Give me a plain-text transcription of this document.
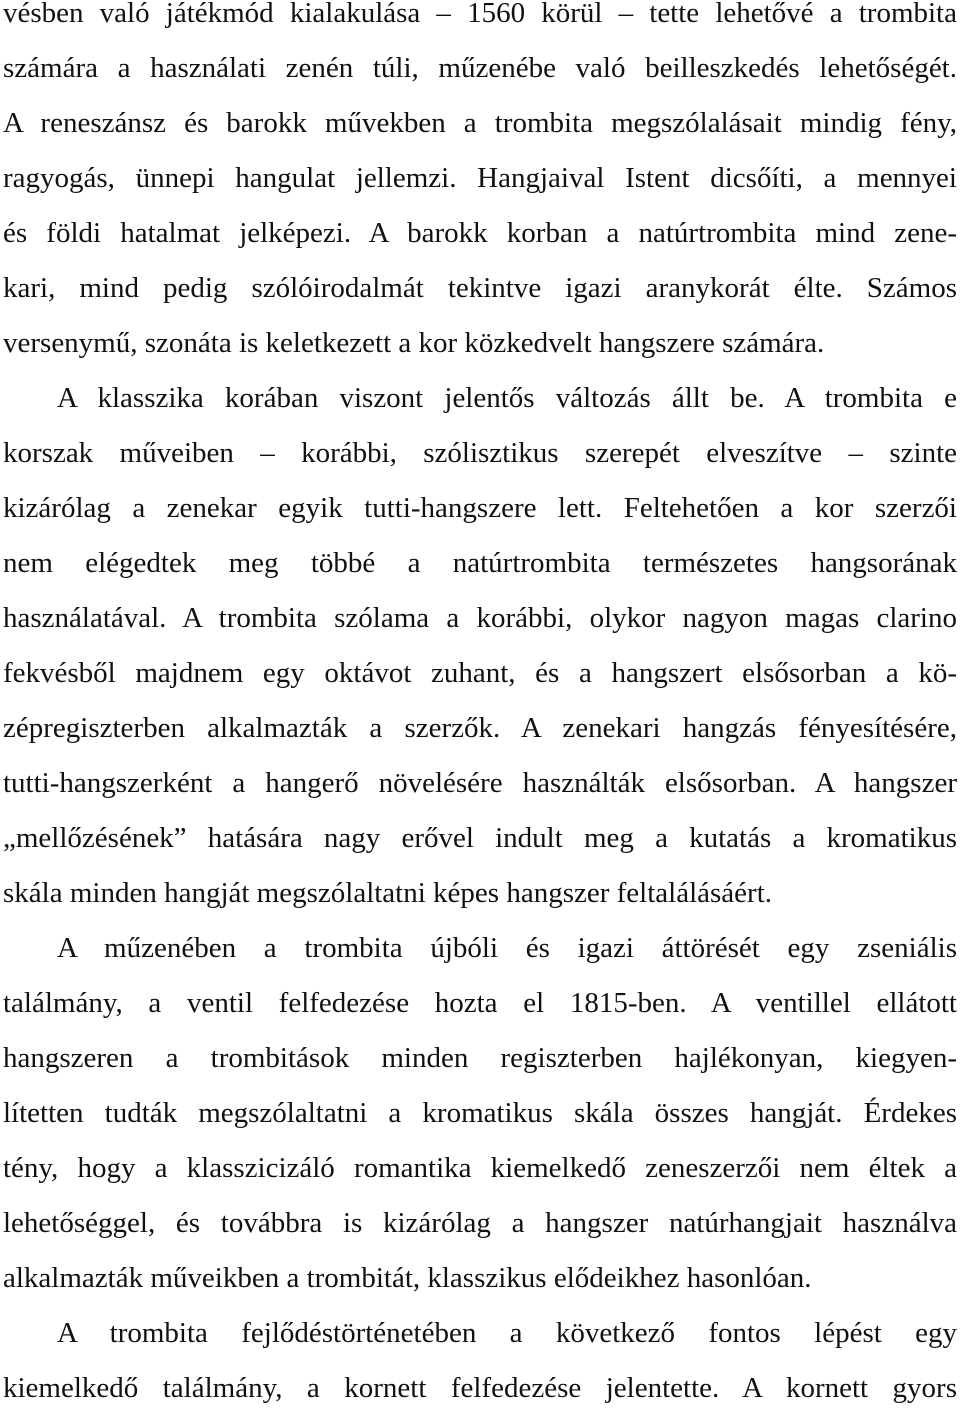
vésben való játékmód kialakulása – 1560 körül – tette lehetővé a trombita
számára a használati zenén túli, műzenébe való beilleszkedés lehetőségét.
A reneszánsz és barokk művekben a trombita megszólalásait mindig fény,
ragyogás, ünnepi hangulat jellemzi. Hangjaival Istent dicsőíti, a mennyei
és földi hatalmat jelképezi. A barokk korban a natúrtrombita mind zene-
kari, mind pedig szólóirodalmát tekintve igazi aranykorát élte. Számos
versenymű, szonáta is keletkezett a kor közkedvelt hangszere számára.
A klasszika korában viszont jelentős változás állt be. A trombita e
korszak műveiben – korábbi, szólisztikus szerepét elveszítve – szinte
kizárólag a zenekar egyik tutti-hangszere lett. Feltehetően a kor szerzői
nem elégedtek meg többé a natúrtrombita természetes hangsorának
használatával. A trombita szólama a korábbi, olykor nagyon magas clarino
fekvésből majdnem egy oktávot zuhant, és a hangszert elsősorban a kö-
zépregiszterben alkalmazták a szerzők. A zenekari hangzás fényesítésére,
tutti-hangszerként a hangerő növelésére használták elsősorban. A hangszer
„mellőzésének” hatására nagy erővel indult meg a kutatás a kromatikus
skála minden hangját megszólaltatni képes hangszer feltalálásáért.
A műzenében a trombita újbóli és igazi áttörését egy zseniális
találmány, a ventil felfedezése hozta el 1815-ben. A ventillel ellátott
hangszeren a trombitások minden regiszterben hajlékonyan, kiegyen-
lítetten tudták megszólaltatni a kromatikus skála összes hangját. Érdekes
tény, hogy a klasszicizáló romantika kiemelkedő zeneszerzői nem éltek a
lehetőséggel, és továbbra is kizárólag a hangszer natúrhangjait használva
alkalmazták műveikben a trombitát, klasszikus elődeikhez hasonlóan.
A trombita fejlődéstörténetében a következő fontos lépést egy
kiemelkedő találmány, a kornett felfedezése jelentette. A kornett gyors
